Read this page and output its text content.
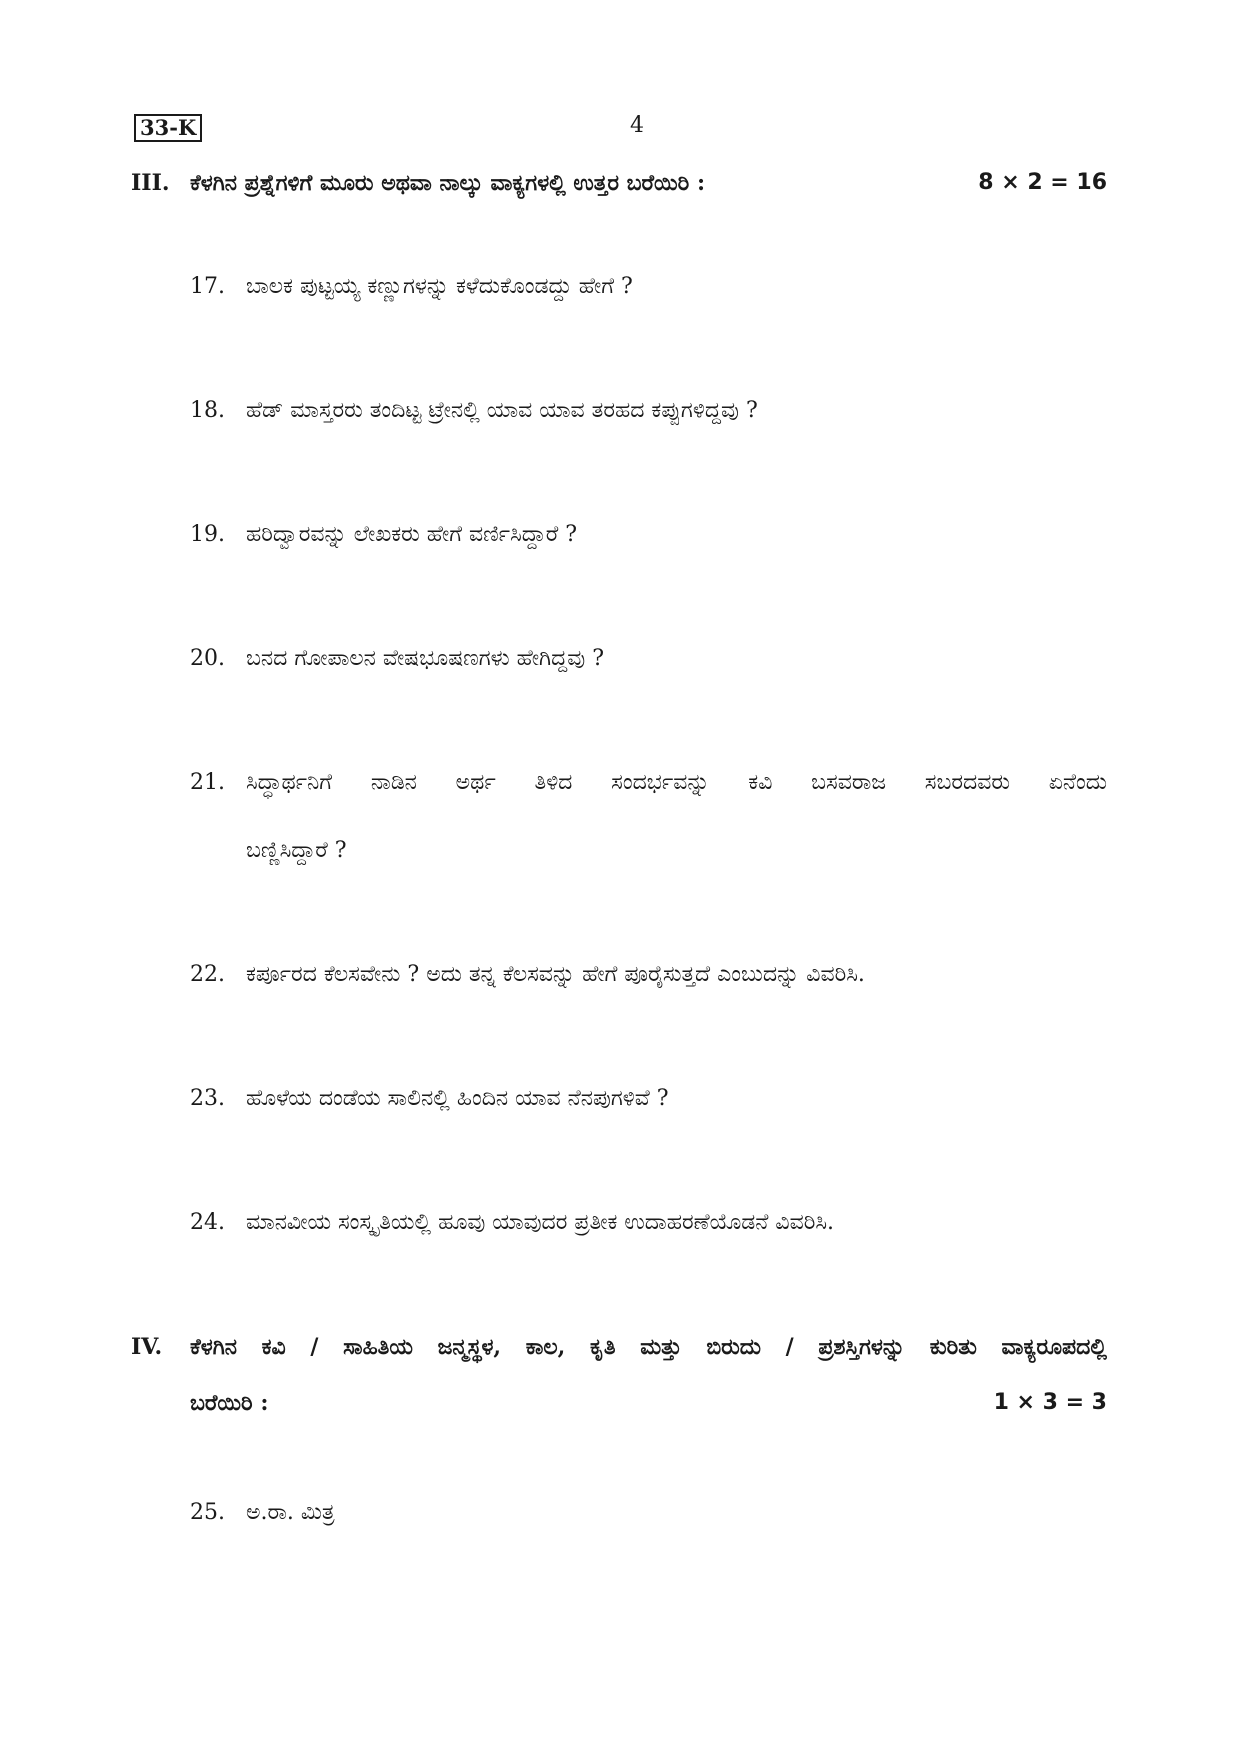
33-K	4
III. ಕೆಳಗಿನ ಪ್ರಶ್ನೆಗಳಿಗೆ ಮೂರು ಅಥವಾ ನಾಲ್ಕು ವಾಕ್ಯಗಳಲ್ಲಿ ಉತ್ತರ ಬರೆಯಿರಿ :	8 × 2 = 16
17. ಬಾಲಕ ಪುಟ್ಟಯ್ಯ ಕಣ್ಣುಗಳನ್ನು ಕಳೆದುಕೊಂಡದ್ದು ಹೇಗೆ ?
18. ಹೆಡ್ ಮಾಸ್ತರರು ತಂದಿಟ್ಟ ಟ್ರೇನಲ್ಲಿ ಯಾವ ಯಾವ ತರಹದ ಕಪ್ಪುಗಳಿದ್ದವು ?
19. ಹರಿದ್ವಾರವನ್ನು ಲೇಖಕರು ಹೇಗೆ ವರ್ಣಿಸಿದ್ದಾರೆ ?
20. ಬನದ ಗೋಪಾಲನ ವೇಷಭೂಷಣಗಳು ಹೇಗಿದ್ದವು ?
21. ಸಿದ್ಧಾರ್ಥನಿಗೆ ನಾಡಿನ ಅರ್ಥ ತಿಳಿದ ಸಂದರ್ಭವನ್ನು ಕವಿ ಬಸವರಾಜ ಸಬರದವರು ಏನೆಂದು
ಬಣ್ಣಿಸಿದ್ದಾರೆ ?
22. ಕರ್ಪೂರದ ಕೆಲಸವೇನು ? ಅದು ತನ್ನ ಕೆಲಸವನ್ನು ಹೇಗೆ ಪೂರೈಸುತ್ತದೆ ಎಂಬುದನ್ನು ವಿವರಿಸಿ.
23. ಹೊಳೆಯ ದಂಡೆಯ ಸಾಲಿನಲ್ಲಿ ಹಿಂದಿನ ಯಾವ ನೆನಪುಗಳಿವೆ ?
24. ಮಾನವೀಯ ಸಂಸ್ಕೃತಿಯಲ್ಲಿ ಹೂವು ಯಾವುದರ ಪ್ರತೀಕ ಉದಾಹರಣೆಯೊಡನೆ ವಿವರಿಸಿ.
IV. ಕೆಳಗಿನ ಕವಿ / ಸಾಹಿತಿಯ ಜನ್ಮಸ್ಥಳ, ಕಾಲ, ಕೃತಿ ಮತ್ತು ಬಿರುದು / ಪ್ರಶಸ್ತಿಗಳನ್ನು ಕುರಿತು ವಾಕ್ಯರೂಪದಲ್ಲಿ
ಬರೆಯಿರಿ :	1 × 3 = 3
25. ಅ.ರಾ. ಮಿತ್ರ
